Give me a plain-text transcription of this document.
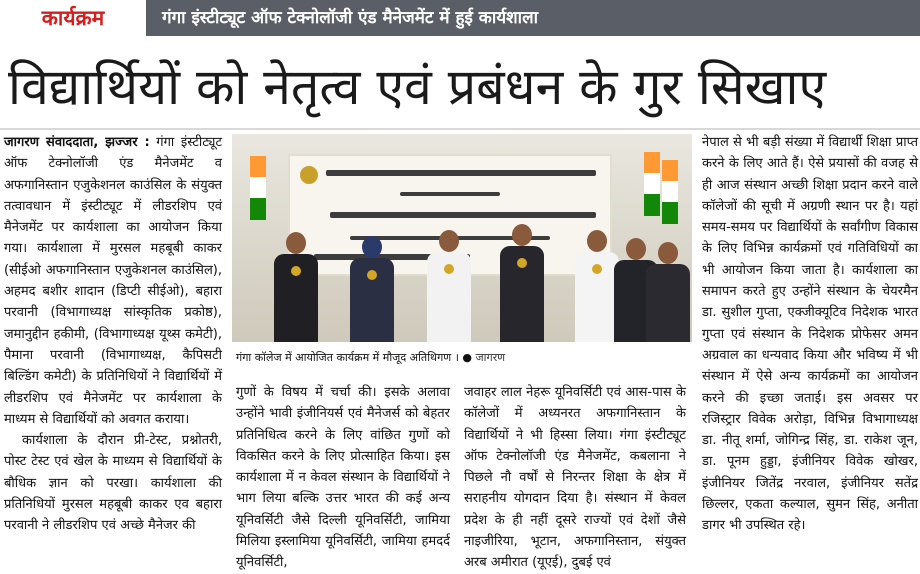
कार्यक्रम	गंगा इंस्टीट्यूट ऑफ टेक्नोलॉजी एंड मैनेजमेंट में हुई कार्यशाला
विद्यार्थियों को नेतृत्व एवं प्रबंधन के गुर सिखाए

जागरण संवाददाता, झज्जर : गंगा इंस्टीट्यूट ऑफ टेक्नोलॉजी एंड मैनेजमेंट व अफगानिस्तान एजुकेशनल काउंसिल के संयुक्त तत्वावधान में इंस्टीट्यूट में लीडरशिप एवं मैनेजमेंट पर कार्यशाला का आयोजन किया गया। कार्यशाला में मुरसल महबूबी काकर (सीईओ अफगानिस्तान एजुकेशनल काउंसिल), अहमद बशीर शादान (डिप्टी सीईओ), बहारा परवानी (विभागाध्यक्ष सांस्कृतिक प्रकोष्ठ), जमानुद्दीन हकीमी, (विभागाध्यक्ष यूथ्स कमेटी), पैमाना परवानी (विभागाध्यक्ष, कैपिसटी बिल्डिंग कमेटी) के प्रतिनिधियों ने विद्यार्थियों में लीडरशिप एवं मैनेजमेंट पर कार्यशाला के माध्यम से विद्यार्थियों को अवगत कराया।

कार्यशाला के दौरान प्री-टेस्ट, प्रश्नोतरी, पोस्ट टेस्ट एवं खेल के माध्यम से विद्यार्थियों के बौधिक ज्ञान को परखा। कार्यशाला की प्रतिनिधियों मुरसल महबूबी काकर एव बहारा परवानी ने लीडरशिप एवं अच्छे मैनेजर की

गंगा कॉलेज में आयोजित कार्यक्रम में मौजूद अतिथिगण । ● जागरण

गुणों के विषय में चर्चा की। इसके अलावा उन्होंने भावी इंजीनियर्स एवं मैनेजर्स को बेहतर प्रतिनिधित्व करने के लिए वांछित गुणों को विकसित करने के लिए प्रोत्साहित किया। इस कार्यशाला में न केवल संस्थान के विद्यार्थियों ने भाग लिया बल्कि उत्तर भारत की कई अन्य यूनिवर्सिटी जैसे दिल्ली यूनिवर्सिटी, जामिया मिलिया इस्लामिया यूनिवर्सिटी, जामिया हमदर्द यूनिवर्सिटी,

जवाहर लाल नेहरू यूनिवर्सिटी एवं आस-पास के कॉलेजों में अध्यनरत अफगानिस्तान के विद्यार्थियों ने भी हिस्सा लिया। गंगा इंस्टीट्यूट ऑफ टेक्नोलॉजी एंड मैनेजमेंट, कबलाना ने पिछले नौ वर्षों से निरन्तर शिक्षा के क्षेत्र में सराहनीय योगदान दिया है। संस्थान में केवल प्रदेश के ही नहीं दूसरे राज्यों एवं देशों जैसे नाइजीरिया, भूटान, अफगानिस्तान, संयुक्त अरब अमीरात (यूएई), दुबई एवं

नेपाल से भी बड़ी संख्या में विद्यार्थी शिक्षा प्राप्त करने के लिए आते हैं। ऐसे प्रयासों की वजह से ही आज संस्थान अच्छी शिक्षा प्रदान करने वाले कॉलेजों की सूची में अग्रणी स्थान पर है। यहां समय-समय पर विद्यार्थियों के सर्वांगीण विकास के लिए विभिन्न कार्यक्रमों एवं गतिविधियों का भी आयोजन किया जाता है। कार्यशाला का समापन करते हुए उन्होंने संस्थान के चेयरमैन डा. सुशील गुप्ता, एक्जीक्यूटिव निदेशक भारत गुप्ता एवं संस्थान के निदेशक प्रोफेसर अमन अग्रवाल का धन्यवाद किया और भविष्य में भी संस्थान में ऐसे अन्य कार्यक्रमों का आयोजन करने की इच्छा जताई। इस अवसर पर रजिस्ट्रार विवेक अरोड़ा, विभिन्न विभागाध्यक्ष डा. नीतू शर्मा, जोगिन्द्र सिंह, डा. राकेश जून, डा. पूनम हुड्डा, इंजीनियर विवेक खोखर, इंजीनियर जितेंद्र नरवाल, इंजीनियर सतेंद्र छिल्लर, एकता कल्याल, सुमन सिंह, अनीता डागर भी उपस्थित रहे।
